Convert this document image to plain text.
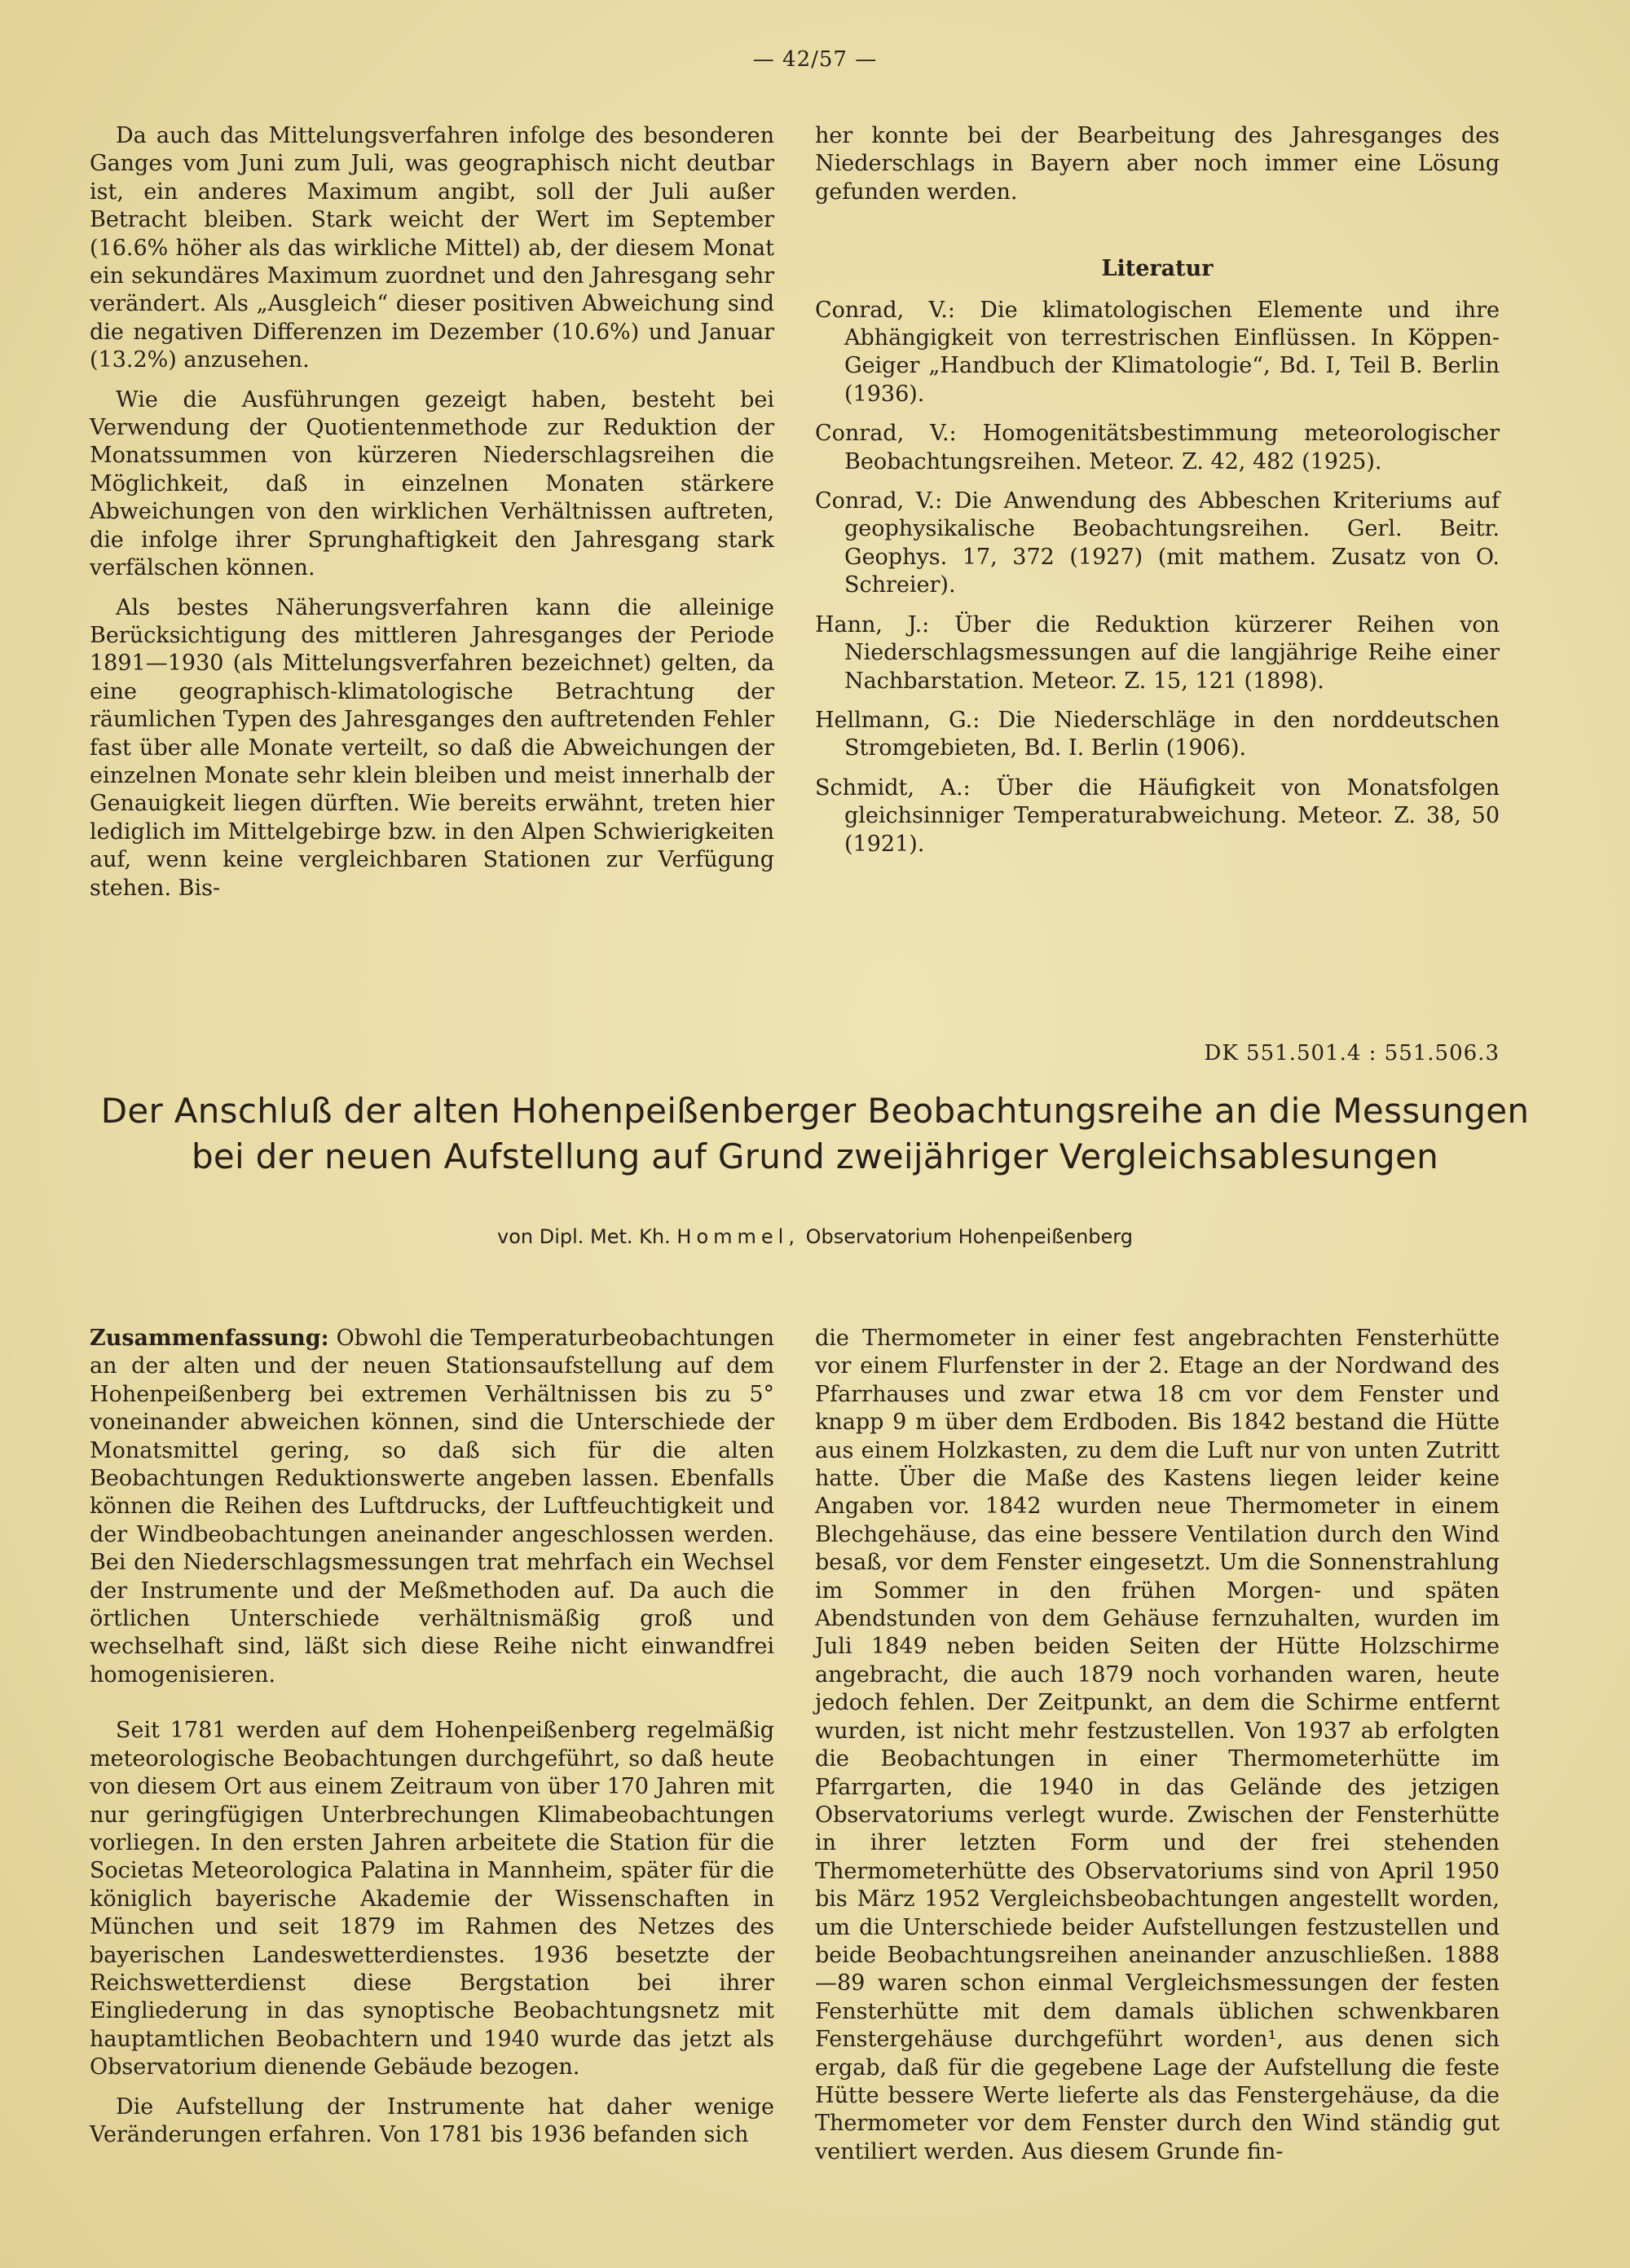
— 42/57 —

Da auch das Mittelungsverfahren infolge des besonderen Ganges vom Juni zum Juli, was geographisch nicht deutbar ist, ein anderes Maximum angibt, soll der Juli außer Betracht bleiben. Stark weicht der Wert im September (16.6% höher als das wirkliche Mittel) ab, der diesem Monat ein sekundäres Maximum zuordnet und den Jahresgang sehr verändert. Als „Ausgleich“ dieser positiven Abweichung sind die negativen Differenzen im Dezember (10.6%) und Januar (13.2%) anzusehen.

Wie die Ausführungen gezeigt haben, besteht bei Verwendung der Quotientenmethode zur Reduktion der Monatssummen von kürzeren Niederschlagsreihen die Möglichkeit, daß in einzelnen Monaten stärkere Abweichungen von den wirklichen Verhältnissen auftreten, die infolge ihrer Sprunghaftigkeit den Jahresgang stark verfälschen können.

Als bestes Näherungsverfahren kann die alleinige Berücksichtigung des mittleren Jahresganges der Periode 1891—1930 (als Mittelungsverfahren bezeichnet) gelten, da eine geographisch-klimatologische Betrachtung der räumlichen Typen des Jahresganges den auftretenden Fehler fast über alle Monate verteilt, so daß die Abweichungen der einzelnen Monate sehr klein bleiben und meist innerhalb der Genauigkeit liegen dürften. Wie bereits erwähnt, treten hier lediglich im Mittelgebirge bzw. in den Alpen Schwierigkeiten auf, wenn keine vergleichbaren Stationen zur Verfügung stehen. Bis-

her konnte bei der Bearbeitung des Jahresganges des Niederschlags in Bayern aber noch immer eine Lösung gefunden werden.

Literatur
Conrad, V.: Die klimatologischen Elemente und ihre Abhängigkeit von terrestrischen Einflüssen. In Köppen-Geiger „Handbuch der Klimatologie“, Bd. I, Teil B. Berlin (1936).
Conrad, V.: Homogenitätsbestimmung meteorologischer Beobachtungsreihen. Meteor. Z. 42, 482 (1925).
Conrad, V.: Die Anwendung des Abbeschen Kriteriums auf geophysikalische Beobachtungsreihen. Gerl. Beitr. Geophys. 17, 372 (1927) (mit mathem. Zusatz von O. Schreier).
Hann, J.: Über die Reduktion kürzerer Reihen von Niederschlagsmessungen auf die langjährige Reihe einer Nachbarstation. Meteor. Z. 15, 121 (1898).
Hellmann, G.: Die Niederschläge in den norddeutschen Stromgebieten, Bd. I. Berlin (1906).
Schmidt, A.: Über die Häufigkeit von Monatsfolgen gleichsinniger Temperaturabweichung. Meteor. Z. 38, 50 (1921).
DK 551.501.4 : 551.506.3
Der Anschluß der alten Hohenpeißenberger Beobachtungsreihe an die Messungen
bei der neuen Aufstellung auf Grund zweijähriger Vergleichsablesungen
von Dipl. Met. Kh. Hommel, Observatorium Hohenpeißenberg

Zusammenfassung: Obwohl die Temperaturbeobachtungen an der alten und der neuen Stationsaufstellung auf dem Hohenpeißenberg bei extremen Verhältnissen bis zu 5° voneinander abweichen können, sind die Unterschiede der Monatsmittel gering, so daß sich für die alten Beobachtungen Reduktionswerte angeben lassen. Ebenfalls können die Reihen des Luftdrucks, der Luftfeuchtigkeit und der Windbeobachtungen aneinander angeschlossen werden. Bei den Niederschlagsmessungen trat mehrfach ein Wechsel der Instrumente und der Meßmethoden auf. Da auch die örtlichen Unterschiede verhältnismäßig groß und wechselhaft sind, läßt sich diese Reihe nicht einwandfrei homogenisieren.

Seit 1781 werden auf dem Hohenpeißenberg regelmäßig meteorologische Beobachtungen durchgeführt, so daß heute von diesem Ort aus einem Zeitraum von über 170 Jahren mit nur geringfügigen Unterbrechungen Klimabeobachtungen vorliegen. In den ersten Jahren arbeitete die Station für die Societas Meteorologica Palatina in Mannheim, später für die königlich bayerische Akademie der Wissenschaften in München und seit 1879 im Rahmen des Netzes des bayerischen Landeswetterdienstes. 1936 besetzte der Reichswetterdienst diese Bergstation bei ihrer Eingliederung in das synoptische Beobachtungsnetz mit hauptamtlichen Beobachtern und 1940 wurde das jetzt als Observatorium dienende Gebäude bezogen.

Die Aufstellung der Instrumente hat daher wenige Veränderungen erfahren. Von 1781 bis 1936 befanden sich

die Thermometer in einer fest angebrachten Fensterhütte vor einem Flurfenster in der 2. Etage an der Nordwand des Pfarrhauses und zwar etwa 18 cm vor dem Fenster und knapp 9 m über dem Erdboden. Bis 1842 bestand die Hütte aus einem Holzkasten, zu dem die Luft nur von unten Zutritt hatte. Über die Maße des Kastens liegen leider keine Angaben vor. 1842 wurden neue Thermometer in einem Blechgehäuse, das eine bessere Ventilation durch den Wind besaß, vor dem Fenster eingesetzt. Um die Sonnenstrahlung im Sommer in den frühen Morgen- und späten Abendstunden von dem Gehäuse fernzuhalten, wurden im Juli 1849 neben beiden Seiten der Hütte Holzschirme angebracht, die auch 1879 noch vorhanden waren, heute jedoch fehlen. Der Zeitpunkt, an dem die Schirme entfernt wurden, ist nicht mehr festzustellen. Von 1937 ab erfolgten die Beobachtungen in einer Thermometerhütte im Pfarrgarten, die 1940 in das Gelände des jetzigen Observatoriums verlegt wurde. Zwischen der Fensterhütte in ihrer letzten Form und der frei stehenden Thermometerhütte des Observatoriums sind von April 1950 bis März 1952 Vergleichsbeobachtungen angestellt worden, um die Unterschiede beider Aufstellungen festzustellen und beide Beobachtungsreihen aneinander anzuschließen. 1888—89 waren schon einmal Vergleichsmessungen der festen Fensterhütte mit dem damals üblichen schwenkbaren Fenstergehäuse durchgeführt worden¹, aus denen sich ergab, daß für die gegebene Lage der Aufstellung die feste Hütte bessere Werte lieferte als das Fenstergehäuse, da die Thermometer vor dem Fenster durch den Wind ständig gut ventiliert werden. Aus diesem Grunde fin-
